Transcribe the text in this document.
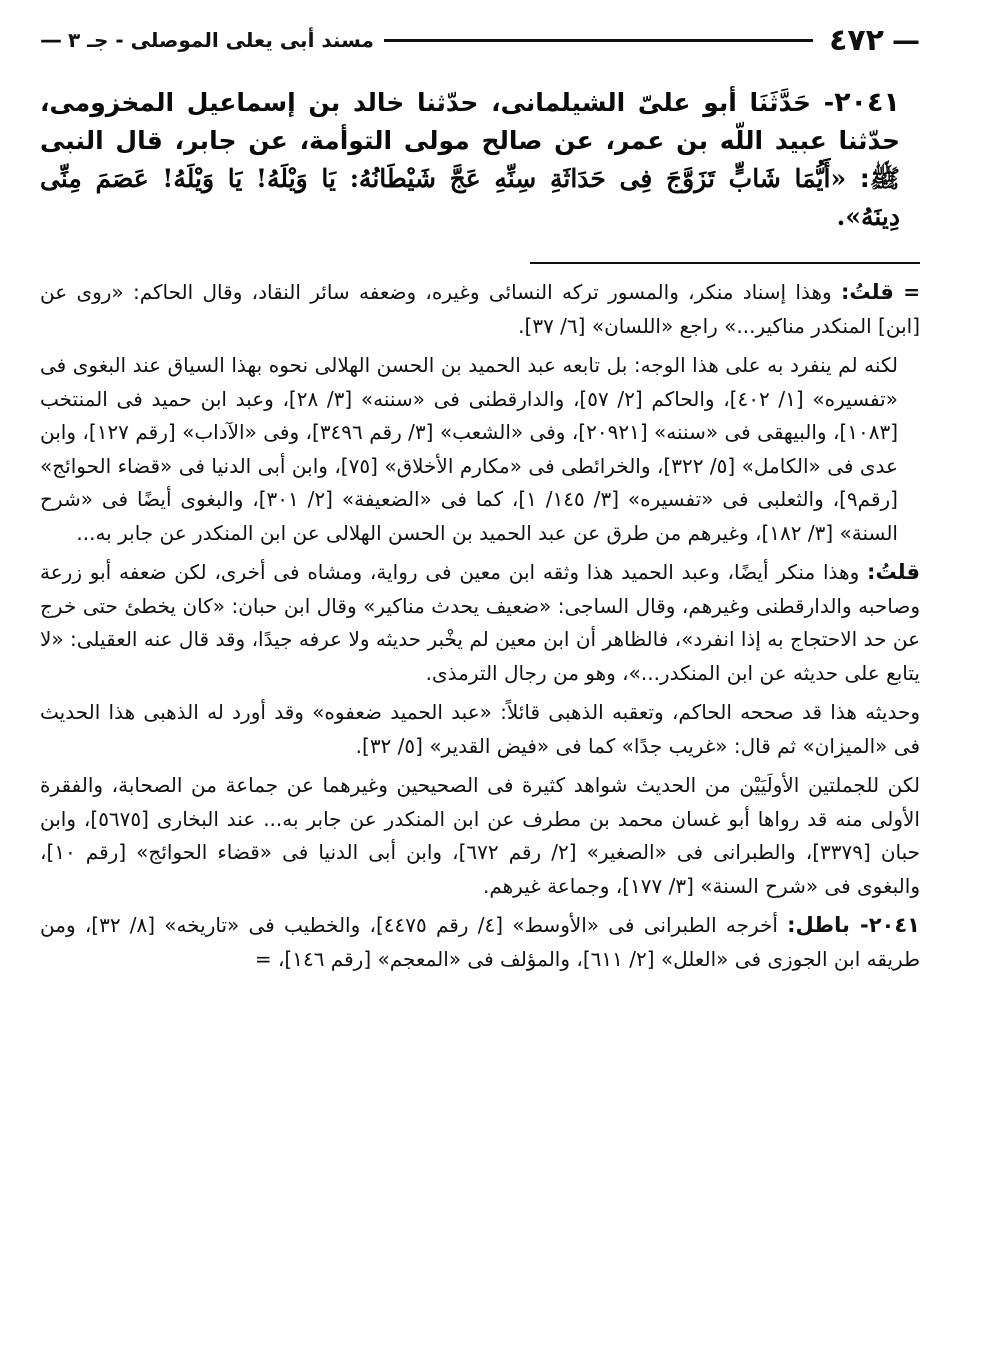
—
٤٧٢
مسند أبى يعلى الموصلى - جـ ٣
—
٢٠٤١- حَدَّثَنَا أبو علىّ الشيلمانى، حدّثنا خالد بن إسماعيل المخزومى، حدّثنا عبيد اللّه بن عمر، عن صالح مولى التوأمة، عن جابر، قال النبى ﷺ: «أَيُّمَا شَابٍّ تَزَوَّجَ فِى حَدَاثَةِ سِنِّهِ عَجَّ شَيْطَانُهُ: يَا وَيْلَهُ! يَا وَيْلَهُ! عَصَمَ مِنِّى دِينَهُ».

= قلتُ: وهذا إسناد منكر، والمسور تركه النسائى وغيره، وضعفه سائر النقاد، وقال الحاكم: «روى عن [ابن] المنكدر مناكير...» راجع «اللسان» [٦/ ٣٧].

لكنه لم ينفرد به على هذا الوجه: بل تابعه عبد الحميد بن الحسن الهلالى نحوه بهذا السياق عند البغوى فى «تفسيره» [١/ ٤٠٢]، والحاكم [٢/ ٥٧]، والدارقطنى فى «سننه» [٣/ ٢٨]، وعبد ابن حميد فى المنتخب [١٠٨٣]، والبيهقى فى «سننه» [٢٠٩٢١]، وفى «الشعب» [٣/ رقم ٣٤٩٦]، وفى «الآداب» [رقم ١٢٧]، وابن عدى فى «الكامل» [٥/ ٣٢٢]، والخرائطى فى «مكارم الأخلاق» [٧٥]، وابن أبى الدنيا فى «قضاء الحوائج» [رقم٩]، والثعلبى فى «تفسيره» [٣/ ١٤٥/ ١]، كما فى «الضعيفة» [٢/ ٣٠١]، والبغوى أيضًا فى «شرح السنة» [٣/ ١٨٢]، وغيرهم من طرق عن عبد الحميد بن الحسن الهلالى عن ابن المنكدر عن جابر به...

قلتُ: وهذا منكر أيضًا، وعبد الحميد هذا وثقه ابن معين فى رواية، ومشاه فى أخرى، لكن ضعفه أبو زرعة وصاحبه والدارقطنى وغيرهم، وقال الساجى: «ضعيف يحدث مناكير» وقال ابن حبان: «كان يخطئ حتى خرج عن حد الاحتجاج به إذا انفرد»، فالظاهر أن ابن معين لم يخْبر حديثه ولا عرفه جيدًا، وقد قال عنه العقيلى: «لا يتابع على حديثه عن ابن المنكدر...»، وهو من رجال الترمذى.

وحديثه هذا قد صححه الحاكم، وتعقبه الذهبى قائلاً: «عبد الحميد ضعفوه» وقد أورد له الذهبى هذا الحديث فى «الميزان» ثم قال: «غريب جدًا» كما فى «فيض القدير» [٥/ ٣٢].

لكن للجملتين الأولَيَيْن من الحديث شواهد كثيرة فى الصحيحين وغيرهما عن جماعة من الصحابة، والفقرة الأولى منه قد رواها أبو غسان محمد بن مطرف عن ابن المنكدر عن جابر به... عند البخارى [٥٦٧٥]، وابن حبان [٣٣٧٩]، والطبرانى فى «الصغير» [٢/ رقم ٦٧٢]، وابن أبى الدنيا فى «قضاء الحوائج» [رقم ١٠]، والبغوى فى «شرح السنة» [٣/ ١٧٧]، وجماعة غيرهم.

٢٠٤١- باطل: أخرجه الطبرانى فى «الأوسط» [٤/ رقم ٤٤٧٥]، والخطيب فى «تاريخه» [٨/ ٣٢]، ومن طريقه ابن الجوزى فى «العلل» [٢/ ٦١١]، والمؤلف فى «المعجم» [رقم ١٤٦]، =
